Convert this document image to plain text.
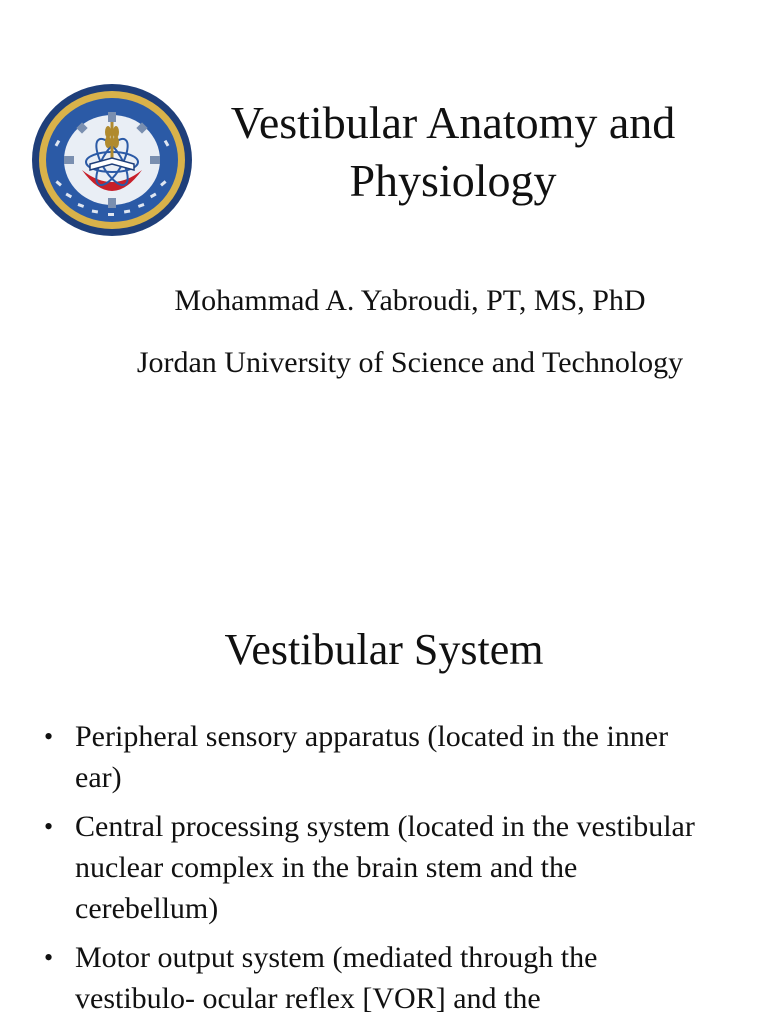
Vestibular Anatomy and Physiology

Mohammad A. Yabroudi, PT, MS, PhD

Jordan University of Science and Technology

Vestibular System
• Peripheral sensory apparatus (located in the inner ear)
• Central processing system (located in the vestibular nuclear complex in the brain stem and the cerebellum)
• Motor output system (mediated through the vestibulo- ocular reflex [VOR] and the
